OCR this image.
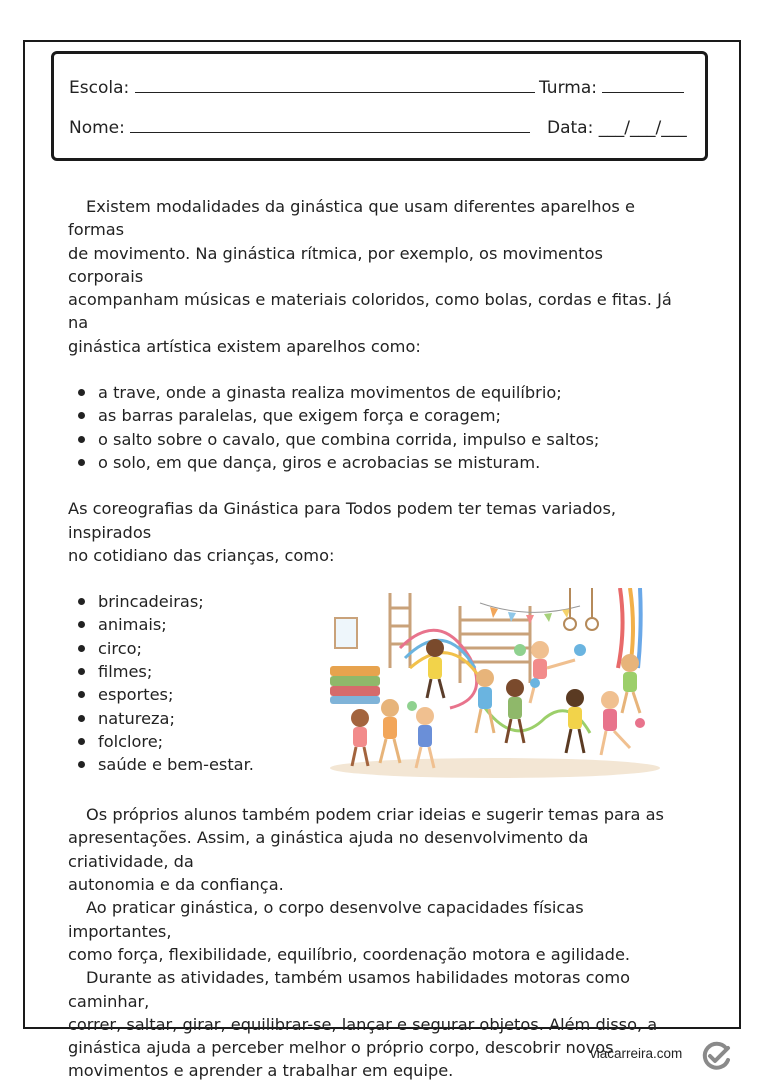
Escola:	Turma:
Nome:	Data: ___/___/___

Existem modalidades da ginástica que usam diferentes aparelhos e formas
de movimento. Na ginástica rítmica, por exemplo, os movimentos corporais
acompanham músicas e materiais coloridos, como bolas, cordas e fitas. Já na
ginástica artística existem aparelhos como:

a trave, onde a ginasta realiza movimentos de equilíbrio;
as barras paralelas, que exigem força e coragem;
o salto sobre o cavalo, que combina corrida, impulso e saltos;
o solo, em que dança, giros e acrobacias se misturam.

As coreografias da Ginástica para Todos podem ter temas variados, inspirados
no cotidiano das crianças, como:

brincadeiras;
animais;
circo;
filmes;
esportes;
natureza;
folclore;
saúde e bem-estar.

Os próprios alunos também podem criar ideias e sugerir temas para as
apresentações. Assim, a ginástica ajuda no desenvolvimento da criatividade, da
autonomia e da confiança.

Ao praticar ginástica, o corpo desenvolve capacidades físicas importantes,
como força, flexibilidade, equilíbrio, coordenação motora e agilidade.

Durante as atividades, também usamos habilidades motoras como caminhar,
correr, saltar, girar, equilibrar-se, lançar e segurar objetos. Além disso, a
ginástica ajuda a perceber melhor o próprio corpo, descobrir novos
movimentos e aprender a trabalhar em equipe.

viacarreira.com
